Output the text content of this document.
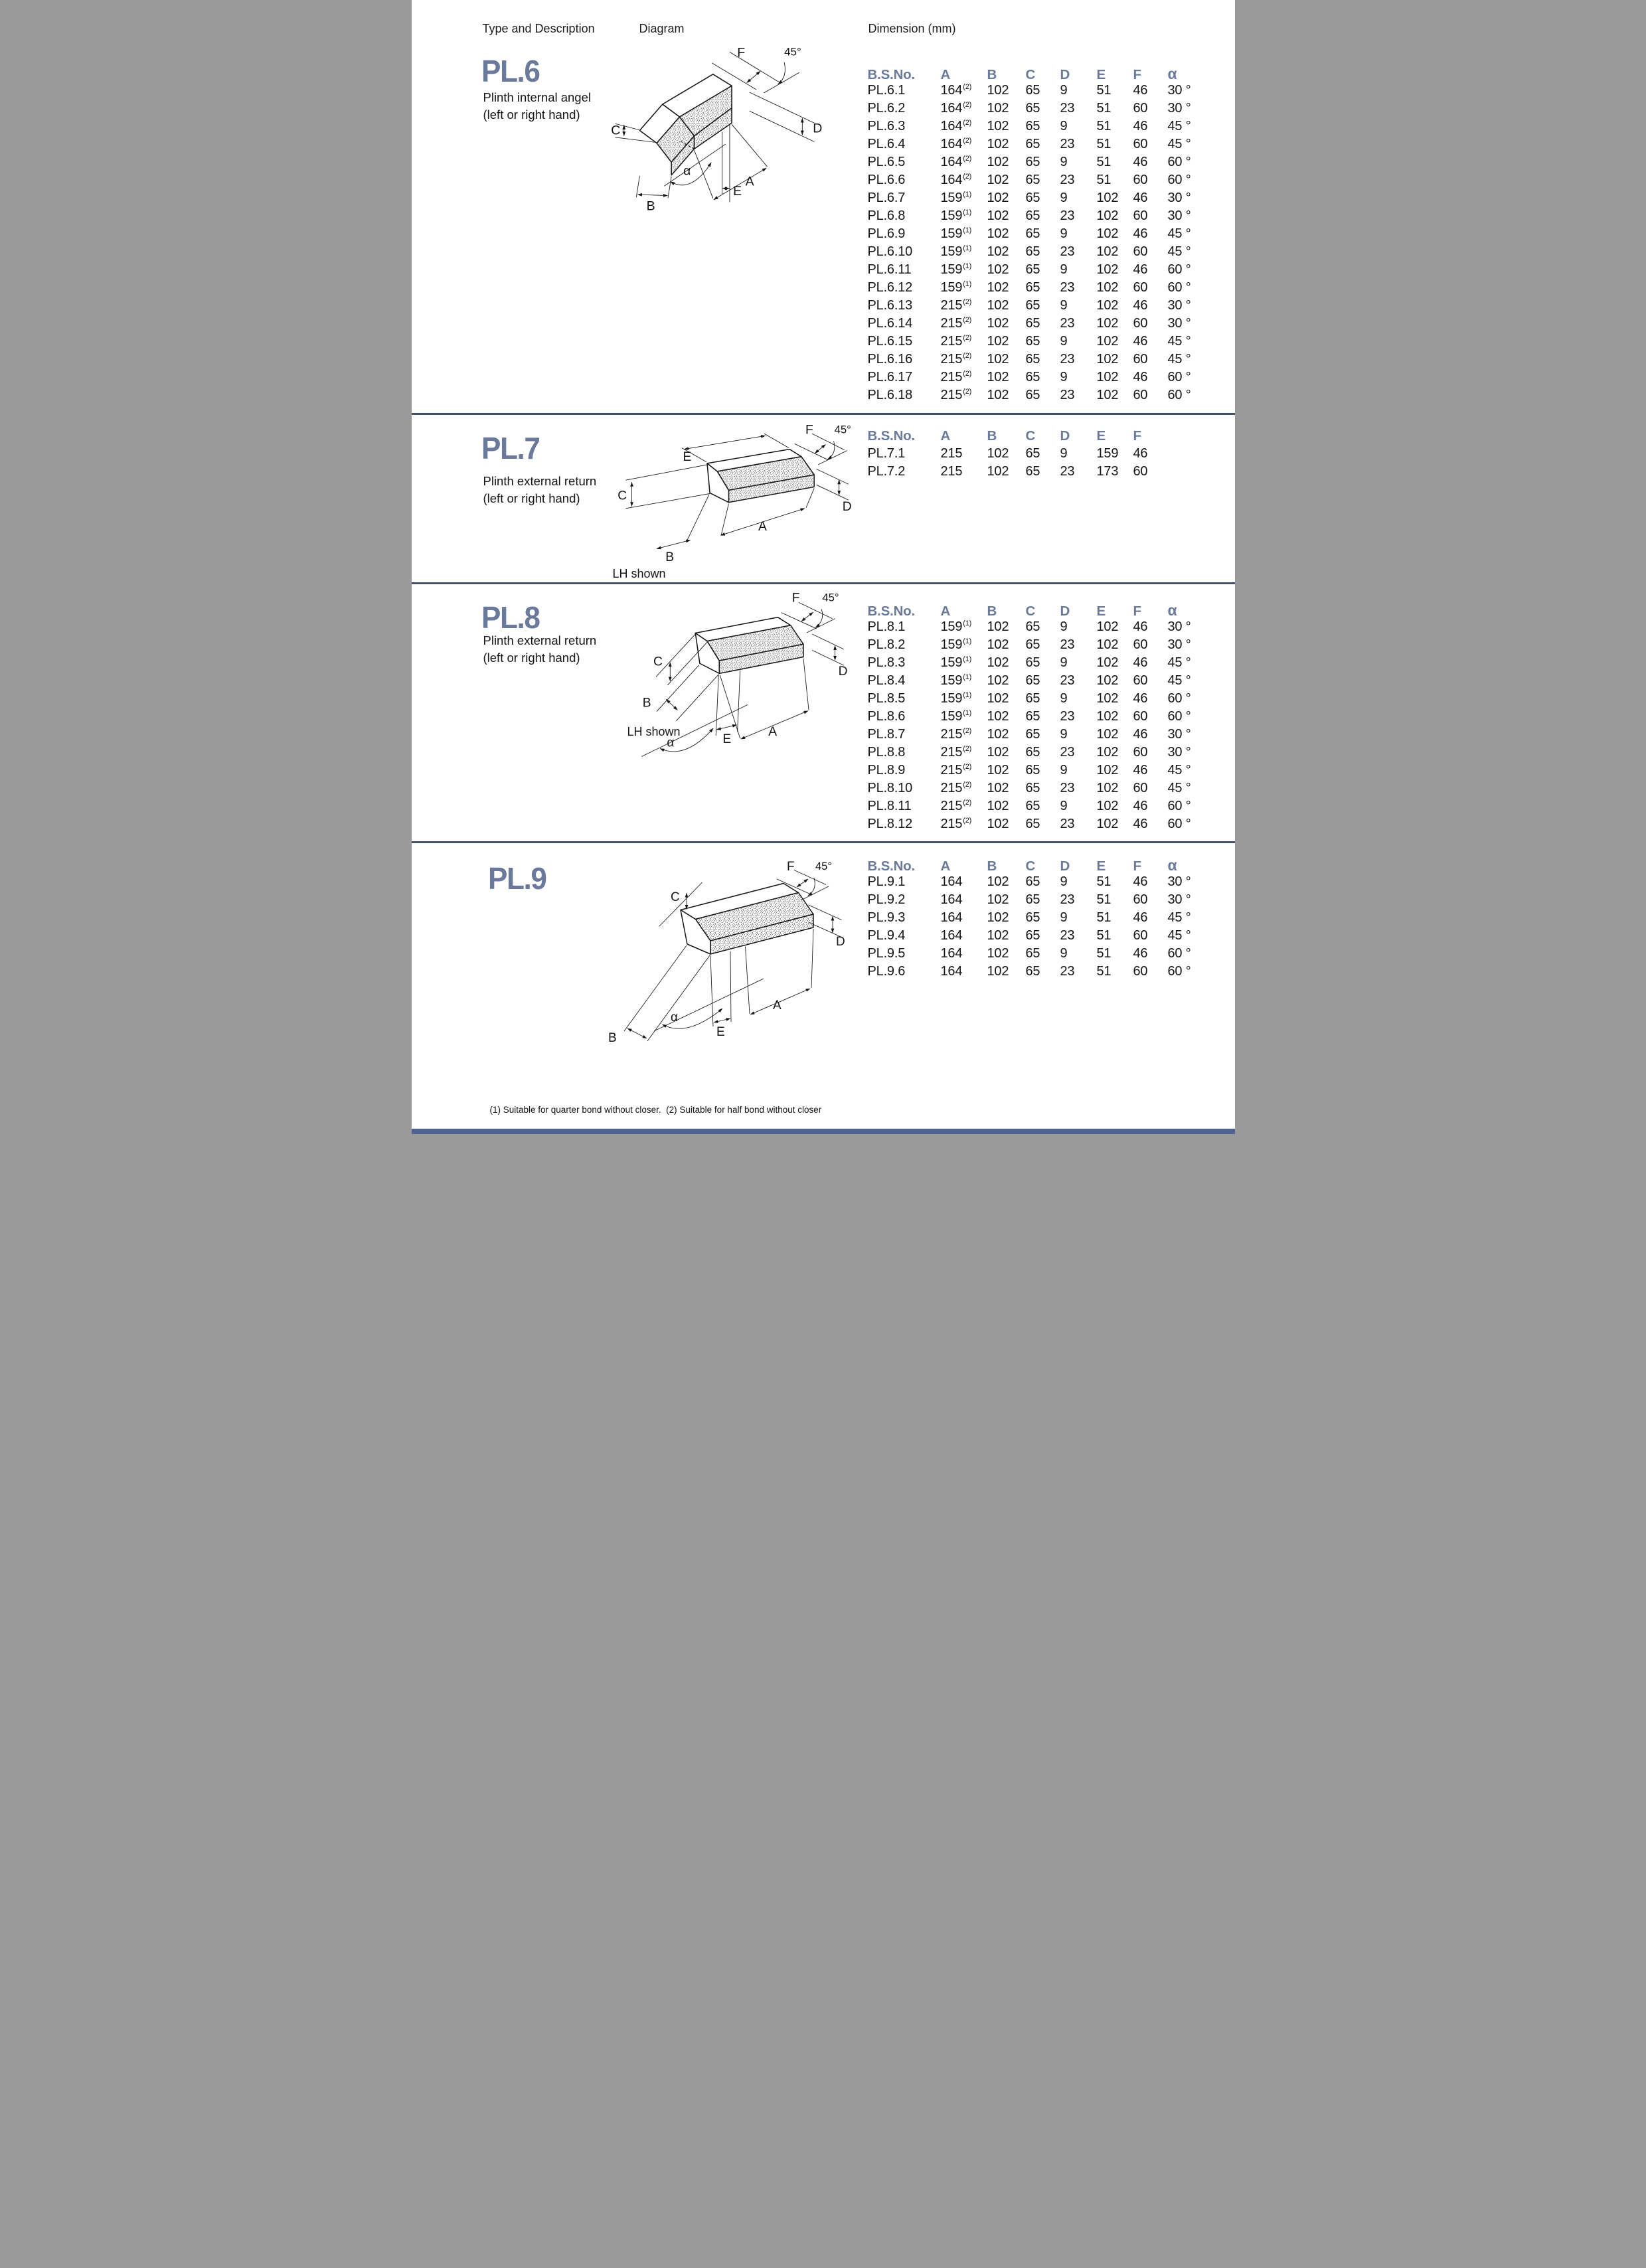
Type and Description	Diagram	Dimension (mm)
PL.6
Plinth internal angel
(left or right hand)
F 45°
D
C
A
E
α
B
B.S.No.	A	B	C	D	E	F	α
PL.6.1	164$^{(2)}$	102	65	9	51	46	30 °
PL.6.2	164$^{(2)}$	102	65	23	51	60	30 °
PL.6.3	164$^{(2)}$	102	65	9	51	46	45 °
PL.6.4	164$^{(2)}$	102	65	23	51	60	45 °
PL.6.5	164$^{(2)}$	102	65	9	51	46	60 °
PL.6.6	164$^{(2)}$	102	65	23	51	60	60 °
PL.6.7	159$^{(1)}$	102	65	9	102	46	30 °
PL.6.8	159$^{(1)}$	102	65	23	102	60	30 °
PL.6.9	159$^{(1)}$	102	65	9	102	46	45 °
PL.6.10	159$^{(1)}$	102	65	23	102	60	45 °
PL.6.11	159$^{(1)}$	102	65	9	102	46	60 °
PL.6.12	159$^{(1)}$	102	65	23	102	60	60 °
PL.6.13	215$^{(2)}$	102	65	9	102	46	30 °
PL.6.14	215$^{(2)}$	102	65	23	102	60	30 °
PL.6.15	215$^{(2)}$	102	65	9	102	46	45 °
PL.6.16	215$^{(2)}$	102	65	23	102	60	45 °
PL.6.17	215$^{(2)}$	102	65	9	102	46	60 °
PL.6.18	215$^{(2)}$	102	65	23	102	60	60 °
PL.7
Plinth external return
(left or right hand)
E
F 45°
D
C
B
A
LH shown
B.S.No.	A	B	C	D	E	F
PL.7.1	215	102	65	9	159	46
PL.7.2	215	102	65	23	173	60
PL.8
Plinth external return
(left or right hand)	C
F 45°
D
B
α E
A
LH shown
B.S.No.	A	B	C	D	E	F	α
PL.8.1	159$^{(1)}$	102	65	9	102	46	30 °
PL.8.2	159$^{(1)}$	102	65	23	102	60	30 °
PL.8.3	159$^{(1)}$	102	65	9	102	46	45 °
PL.8.4	159$^{(1)}$	102	65	23	102	60	45 °
PL.8.5	159$^{(1)}$	102	65	9	102	46	60 °
PL.8.6	159$^{(1)}$	102	65	23	102	60	60 °
PL.8.7	215$^{(2)}$	102	65	9	102	46	30 °
PL.8.8	215$^{(2)}$	102	65	23	102	60	30 °
PL.8.9	215$^{(2)}$	102	65	9	102	46	45 °
PL.8.10	215$^{(2)}$	102	65	23	102	60	45 °
PL.8.11	215$^{(2)}$	102	65	9	102	46	60 °
PL.8.12	215$^{(2)}$	102	65	23	102	46	60 °
PL.9
C
F 45°
D
A
E
α
B
B.S.No.	A	B	C	D	E	F	α
PL.9.1	164	102	65	9	51	46	30 °
PL.9.2	164	102	65	23	51	60	30 °
PL.9.3	164	102	65	9	51	46	45 °
PL.9.4	164	102	65	23	51	60	45 °
PL.9.5	164	102	65	9	51	46	60 °
PL.9.6	164	102	65	23	51	60	60 °
(1) Suitable for quarter bond without closer.  (2) Suitable for half bond without closer
